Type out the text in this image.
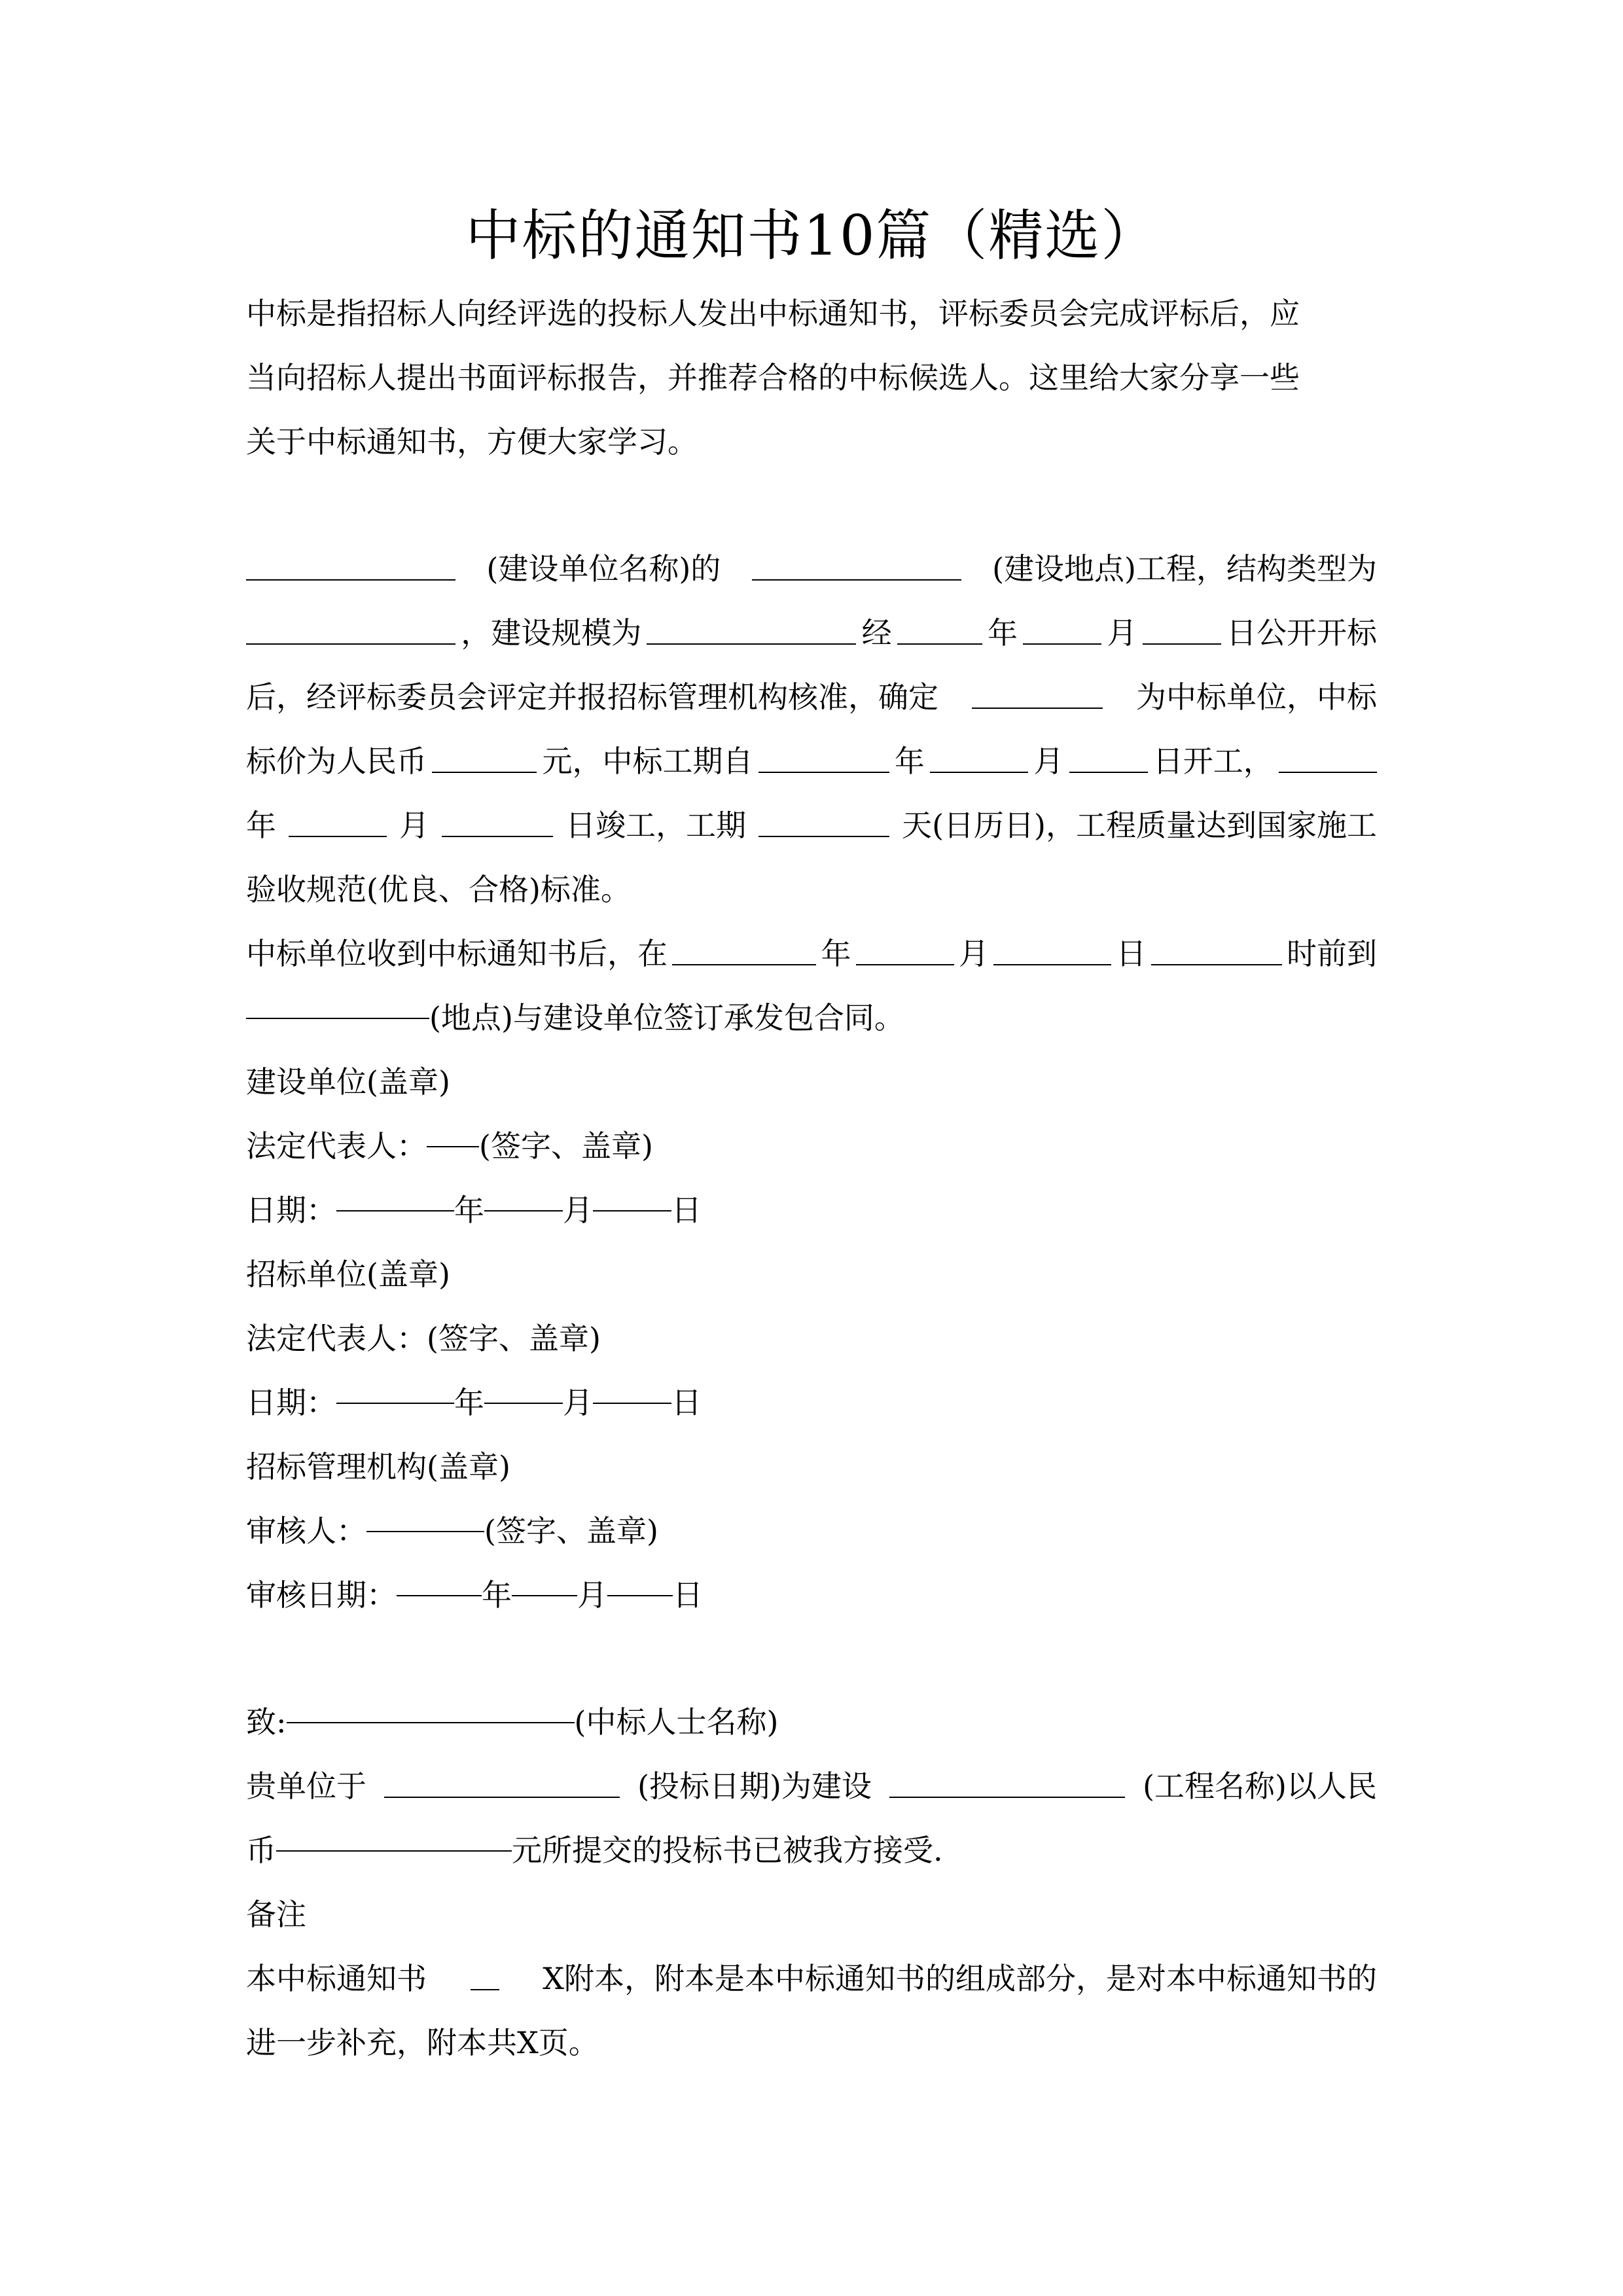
中标的通知书10篇（精选）
中标是指招标人向经评选的投标人发出中标通知书，评标委员会完成评标后，应
当向招标人提出书面评标报告，并推荐合格的中标候选人。这里给大家分享一些
关于中标通知书，方便大家学习。
(建设单位名称)的	(建设地点)工程，结构类型为
，建设规模为	经	年	月	日公开开标
后，经评标委员会评定并报招标管理机构核准，确定	为中标单位，中标
标价为人民币	元，中标工期自	年	月	日开工，
年	月	日竣工，工期	天(日历日)，工程质量达到国家施工
验收规范(优良、合格)标准。
中标单位收到中标通知书后，在	年	月	日	时前到
(地点)与建设单位签订承发包合同。
建设单位(盖章)
法定代表人： (签字、盖章)
日期：	年	月	日
招标单位(盖章)
法定代表人：(签字、盖章)
日期：	年	月	日
招标管理机构(盖章)
审核人：	(签字、盖章)
审核日期：	年 月 日
致:	(中标人士名称)
贵单位于	(投标日期)为建设	(工程名称)以人民
币	元所提交的投标书已被我方接受.
备注
本中标通知书	X附本，附本是本中标通知书的组成部分，是对本中标通知书的
进一步补充，附本共X页。
